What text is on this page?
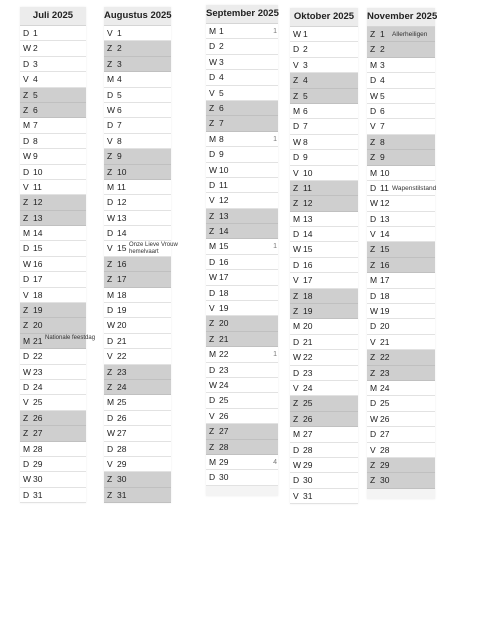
Juli 2025
D 1
W 2
D 3
V 4
Z 5
Z 6
M 7
D 8
W 9
D 10
V 11
Z 12
Z 13
M 14
D 15
W 16
D 17
V 18
Z 19
Z 20
M 21 Nationale feestdag
D 22
W 23
D 24
V 25
Z 26
Z 27
M 28
D 29
W 30
D 31
Augustus 2025
V 1
Z 2
Z 3
M 4
D 5
W 6
D 7
V 8
Z 9
Z 10
M 11
D 12
W 13
D 14
V 15 Onze Lieve Vrouw hemelvaart
Z 16
Z 17
M 18
D 19
W 20
D 21
V 22
Z 23
Z 24
M 25
D 26
W 27
D 28
V 29
Z 30
Z 31
September 2025
M 1	1
D 2
W 3
D 4
V 5
Z 6
Z 7
M 8	1
D 9
W 10
D 11
V 12
Z 13
Z 14
M 15	1
D 16
W 17
D 18
V 19
Z 20
Z 21
M 22	1
D 23
W 24
D 25
V 26
Z 27
Z 28
M 29	4
D 30
Oktober 2025
W 1
D 2
V 3
Z 4
Z 5
M 6
D 7
W 8
D 9
V 10
Z 11
Z 12
M 13
D 14
W 15
D 16
V 17
Z 18
Z 19
M 20
D 21
W 22
D 23
V 24
Z 25
Z 26
M 27
D 28
W 29
D 30
V 31
November 2025
Z 1 Allerheiligen
Z 2
M 3
D 4
W 5
D 6
V 7
Z 8
Z 9
M 10
D 11 Wapenstilstand
W 12
D 13
V 14
Z 15
Z 16
M 17
D 18
W 19
D 20
V 21
Z 22
Z 23
M 24
D 25
W 26
D 27
V 28
Z 29
Z 30
